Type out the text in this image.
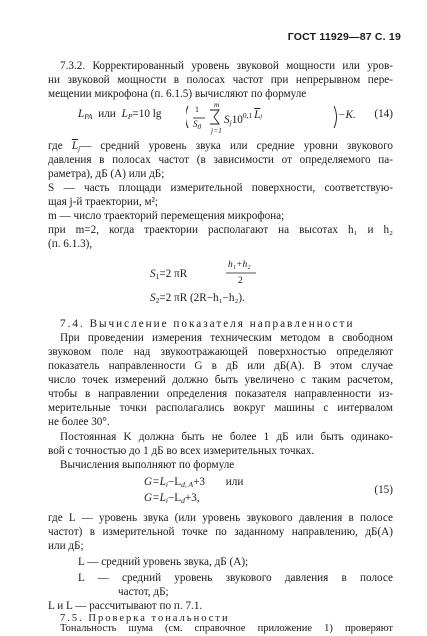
ГОСТ 11929—87 С. 19
7.3.2. Корректированный уровень звуковой мощности или уров-
ни звуковой мощности в полосах частот при непрерывном пере-
мещении микрофона (п. 6.1.5) вычисляют по формуле
$L_{PA}$ или $L_P=10$ lg	1
$S_0$
m
j=1
$S_j10^{0,1 \overline{L}j}$	−K. (14)
где $\overline{L}_j—$ средний уровень звука или средние уровни звукового
давления в полосах частот (в зависимости от определяемого па-
раметра), дБ (A) или дБ;
S — часть площади измерительной поверхности, соответствую-
щая j-й траектории, м²;
m — число траекторий перемещения микрофона;
при m=2, когда траектории располагают на высотах h₁ и h₂
(п. 6.1.3),
$S_1=2$ πR
h₁+h₂
2
$S_2=2$ πR (2R−h₁−h₂).
7.4. Вычисление показателя направленности
При проведении измерения техническим методом в свободном
звуковом поле над звукоотражающей поверхностью определяют
показатель направленности G в дБ или дБ(A). В этом случае
число точек измерений должно быть увеличено с таким расчетом,
чтобы в направлении определения показателя направленности из-
мерительные точки располагались вокруг машины с интервалом
не более 30°.
Постоянная K должна быть не более 1 дБ или быть одинако-
вой с точностью до 1 дБ во всех измерительных точках.
Вычисления выполняют по формуле
$G=L_i-L_{d, A}+3$ или
$G=L_i-L_d+3$,
(15)
где L — уровень звука (или уровень звукового давления в полосе
частот) в измерительной точке по заданному направлению, дБ(A)
или дБ;
L — средний уровень звука, дБ (A);
L — средний уровень звукового давления в полосе
частот, дБ;
L и L — рассчитывают по п. 7.1.
7.5. Проверка тональности
Тональность шума (см. справочное приложение 1) проверяют
